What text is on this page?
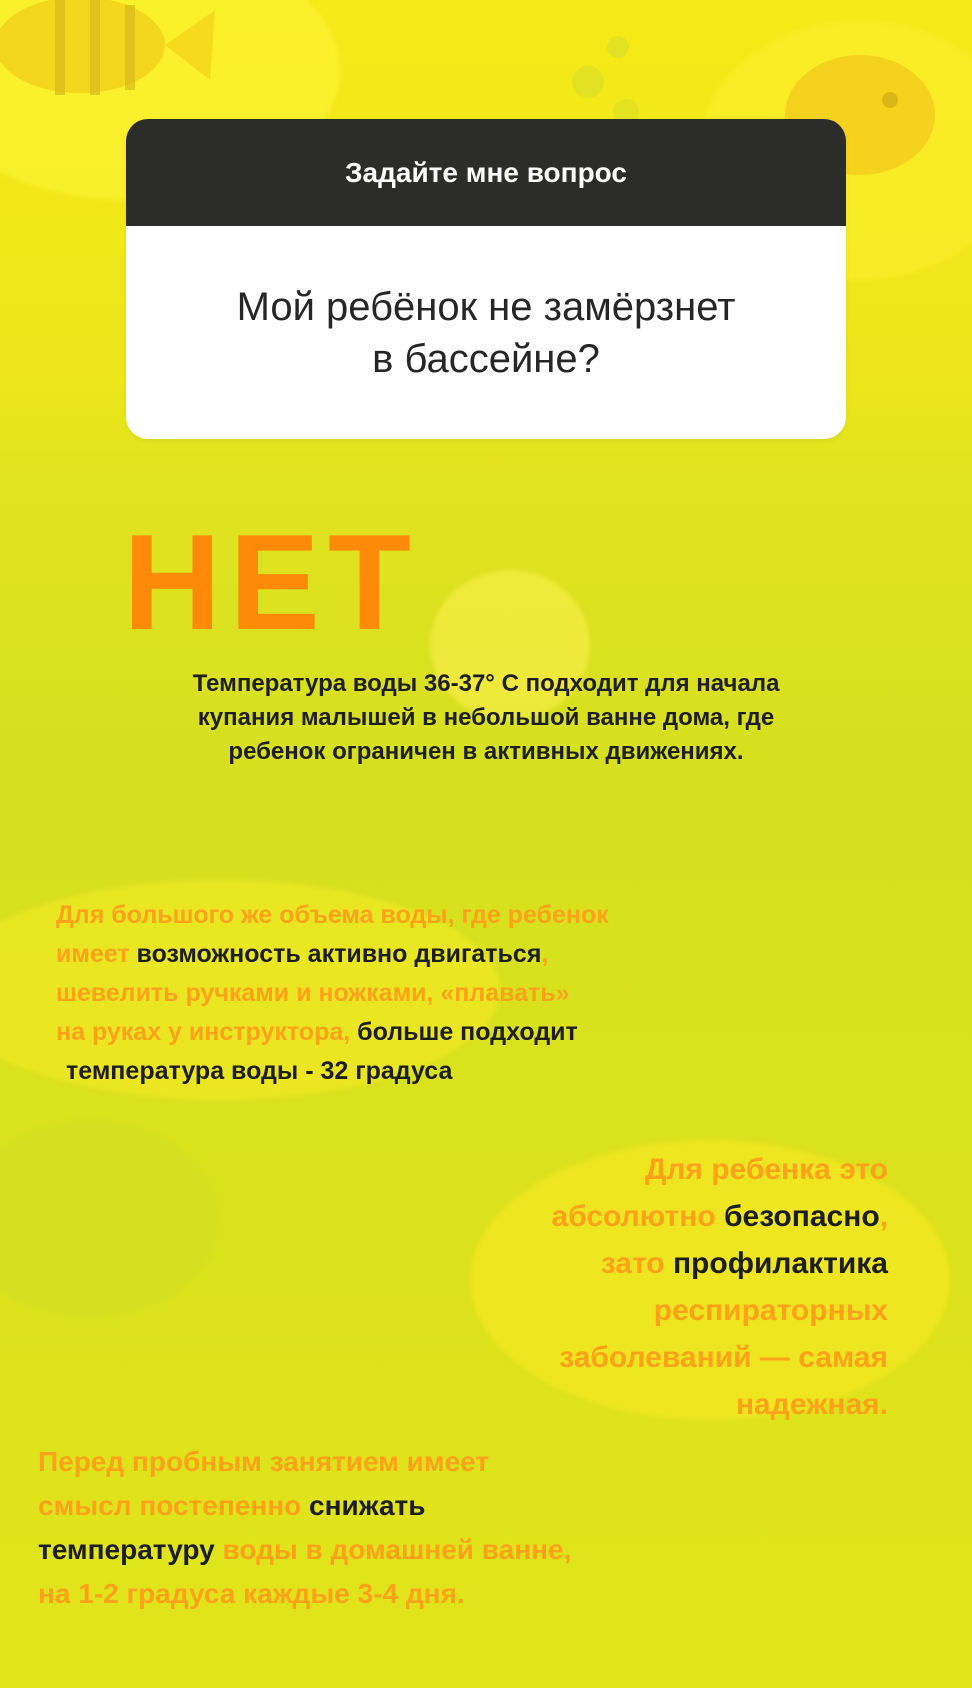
Задайте мне вопрос
Мой ребёнок не замёрзнет
в бассейне?
НЕТ
Температура воды 36-37° С подходит для начала
купания малышей в небольшой ванне дома, где
ребенок ограничен в активных движениях.
Для большого же объема воды, где ребенок
имеет возможность активно двигаться,
шевелить ручками и ножками, «плавать»
на руках у инструктора, больше подходит
температура воды - 32 градуса
Для ребенка это
абсолютно безопасно,
зато профилактика
респираторных
заболеваний — самая
надежная.
Перед пробным занятием имеет
смысл постепенно снижать
температуру воды в домашней ванне,
на 1-2 градуса каждые 3-4 дня.
